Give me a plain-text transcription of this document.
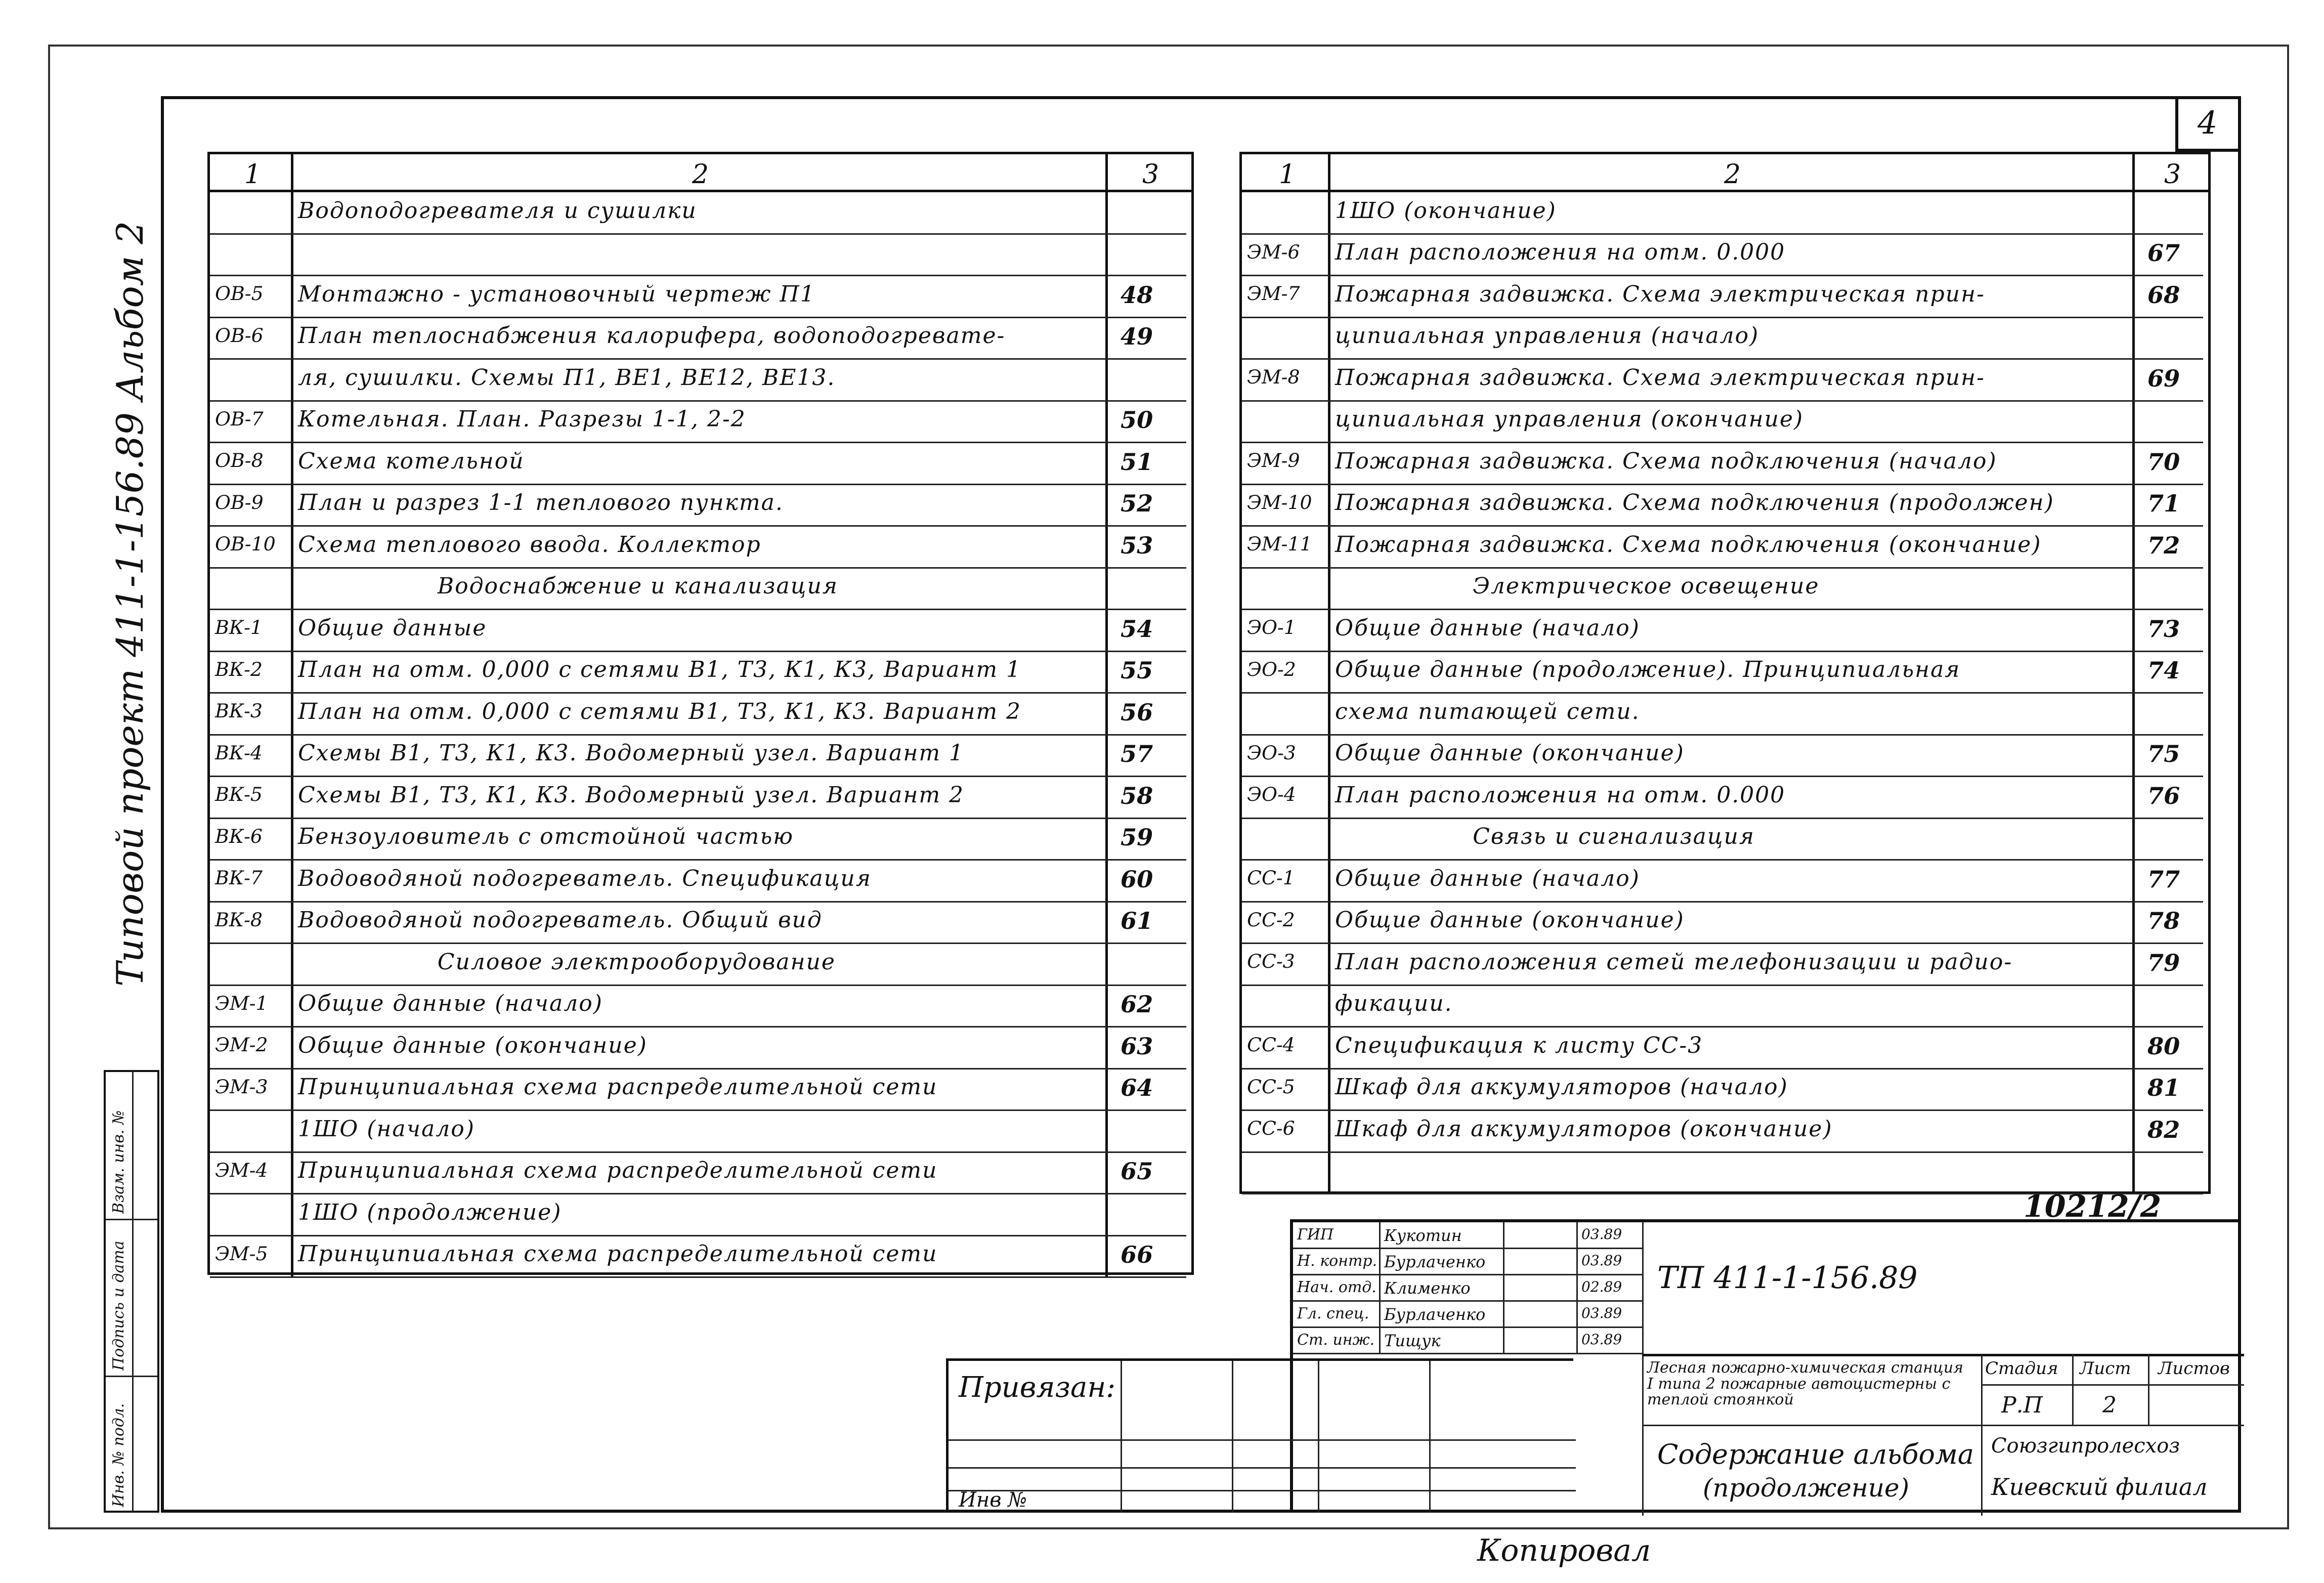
4
Типовой проект 411-1-156.89 Альбом 2
Инв. № подл.
Подпись и дата
Взам. инв. №
1	2	3
Водоподогревателя и сушилки
ОВ-5 Монтажно - установочный чертеж П1	48
ОВ-6 План теплоснабжения калорифера, водоподогревате-	49
ля, сушилки. Схемы П1, ВЕ1, ВЕ12, ВЕ13.
ОВ-7 Котельная. План. Разрезы 1-1, 2-2	50
ОВ-8 Схема котельной	51
ОВ-9 План и разрез 1-1 теплового пункта.	52
ОВ-10 Схема теплового ввода. Коллектор	53
Водоснабжение и канализация
ВК-1 Общие данные	54
ВК-2 План на отм. 0,000 с сетями В1, Т3, К1, К3, Вариант 1	55
ВК-3 План на отм. 0,000 с сетями В1, Т3, К1, К3. Вариант 2	56
ВК-4 Схемы В1, Т3, К1, К3. Водомерный узел. Вариант 1	57
ВК-5 Схемы В1, Т3, К1, К3. Водомерный узел. Вариант 2	58
ВК-6 Бензоуловитель с отстойной частью	59
ВК-7 Водоводяной подогреватель. Спецификация	60
ВК-8 Водоводяной подогреватель. Общий вид	61
Силовое электрооборудование
ЭМ-1 Общие данные (начало)	62
ЭМ-2 Общие данные (окончание)	63
ЭМ-3 Принципиальная схема распределительной сети	64
1ШО (начало)
ЭМ-4 Принципиальная схема распределительной сети	65
1ШО (продолжение)
ЭМ-5 Принципиальная схема распределительной сети	66
1	2	3
1ШО (окончание)
ЭМ-6 План расположения на отм. 0.000	67
ЭМ-7 Пожарная задвижка. Схема электрическая прин-	68
ципиальная управления (начало)
ЭМ-8 Пожарная задвижка. Схема электрическая прин-	69
ципиальная управления (окончание)
ЭМ-9 Пожарная задвижка. Схема подключения (начало)	70
ЭМ-10 Пожарная задвижка. Схема подключения (продолжен)	71
ЭМ-11 Пожарная задвижка. Схема подключения (окончание)	72
Электрическое освещение
ЭО-1 Общие данные (начало)	73
ЭО-2 Общие данные (продолжение). Принципиальная	74
схема питающей сети.
ЭО-3 Общие данные (окончание)	75
ЭО-4 План расположения на отм. 0.000	76
Связь и сигнализация
СС-1 Общие данные (начало)	77
СС-2 Общие данные (окончание)	78
СС-3 План расположения сетей телефонизации и радио-	79
фикации.
СС-4 Спецификация к листу СС-3	80
СС-5 Шкаф для аккумуляторов (начало)	81
СС-6 Шкаф для аккумуляторов (окончание)	82
10212/2
ГИП	Кукотин	03.89
Н. контр. Бурлаченко	03.89
Нач. отд. Клименко	02.89
Гл. спец. Бурлаченко	03.89
Ст. инж. Тищук	03.89
ТП 411-1-156.89
Лесная пожарно-химическая станция I типа 2 пожарные автоцистерны с теплой стоянкой
Стадия Лист Листов
Р.П	2
Содержание альбома
(продолжение)
Союзгипролесхоз
Киевский филиал
Привязан:
Инв №
Копировал
